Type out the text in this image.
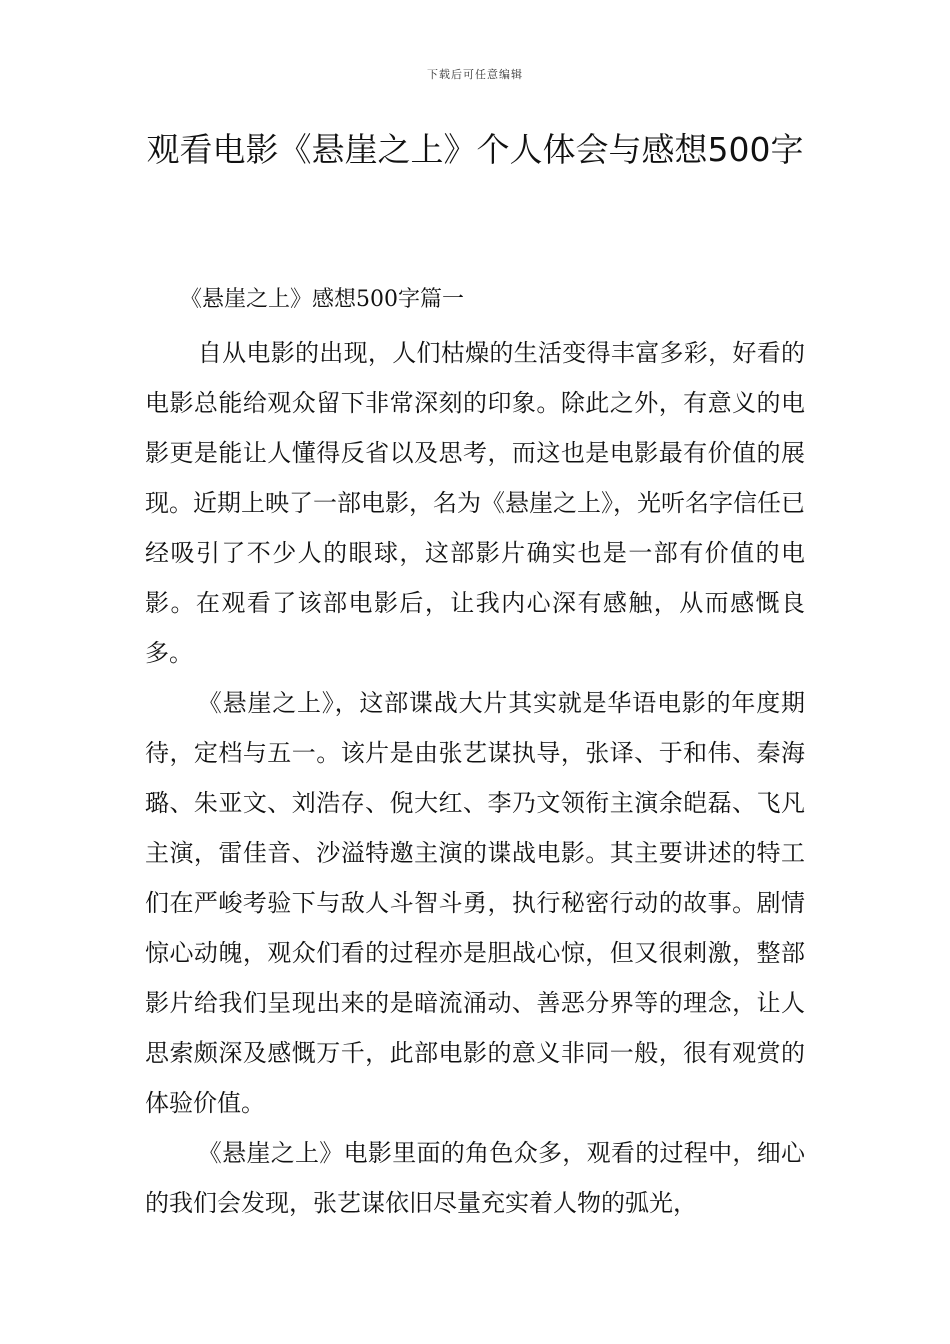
下载后可任意编辑
观看电影《悬崖之上》个人体会与感想500字
《悬崖之上》感想500字篇一

自从电影的出现，人们枯燥的生活变得丰富多彩，好看的电影总能给观众留下非常深刻的印象。除此之外，有意义的电影更是能让人懂得反省以及思考，而这也是电影最有价值的展现。近期上映了一部电影，名为《悬崖之上》，光听名字信任已经吸引了不少人的眼球，这部影片确实也是一部有价值的电影。在观看了该部电影后，让我内心深有感触，从而感慨良多。

《悬崖之上》，这部谍战大片其实就是华语电影的年度期待，定档与五一。该片是由张艺谋执导，张译、于和伟、秦海璐、朱亚文、刘浩存、倪大红、李乃文领衔主演余皑磊、飞凡主演，雷佳音、沙溢特邀主演的谍战电影。其主要讲述的特工们在严峻考验下与敌人斗智斗勇，执行秘密行动的故事。剧情惊心动魄，观众们看的过程亦是胆战心惊，但又很刺激，整部影片给我们呈现出来的是暗流涌动、善恶分界等的理念，让人思索颇深及感慨万千，此部电影的意义非同一般，很有观赏的体验价值。

《悬崖之上》电影里面的角色众多，观看的过程中，细心的我们会发现，张艺谋依旧尽量充实着人物的弧光，
